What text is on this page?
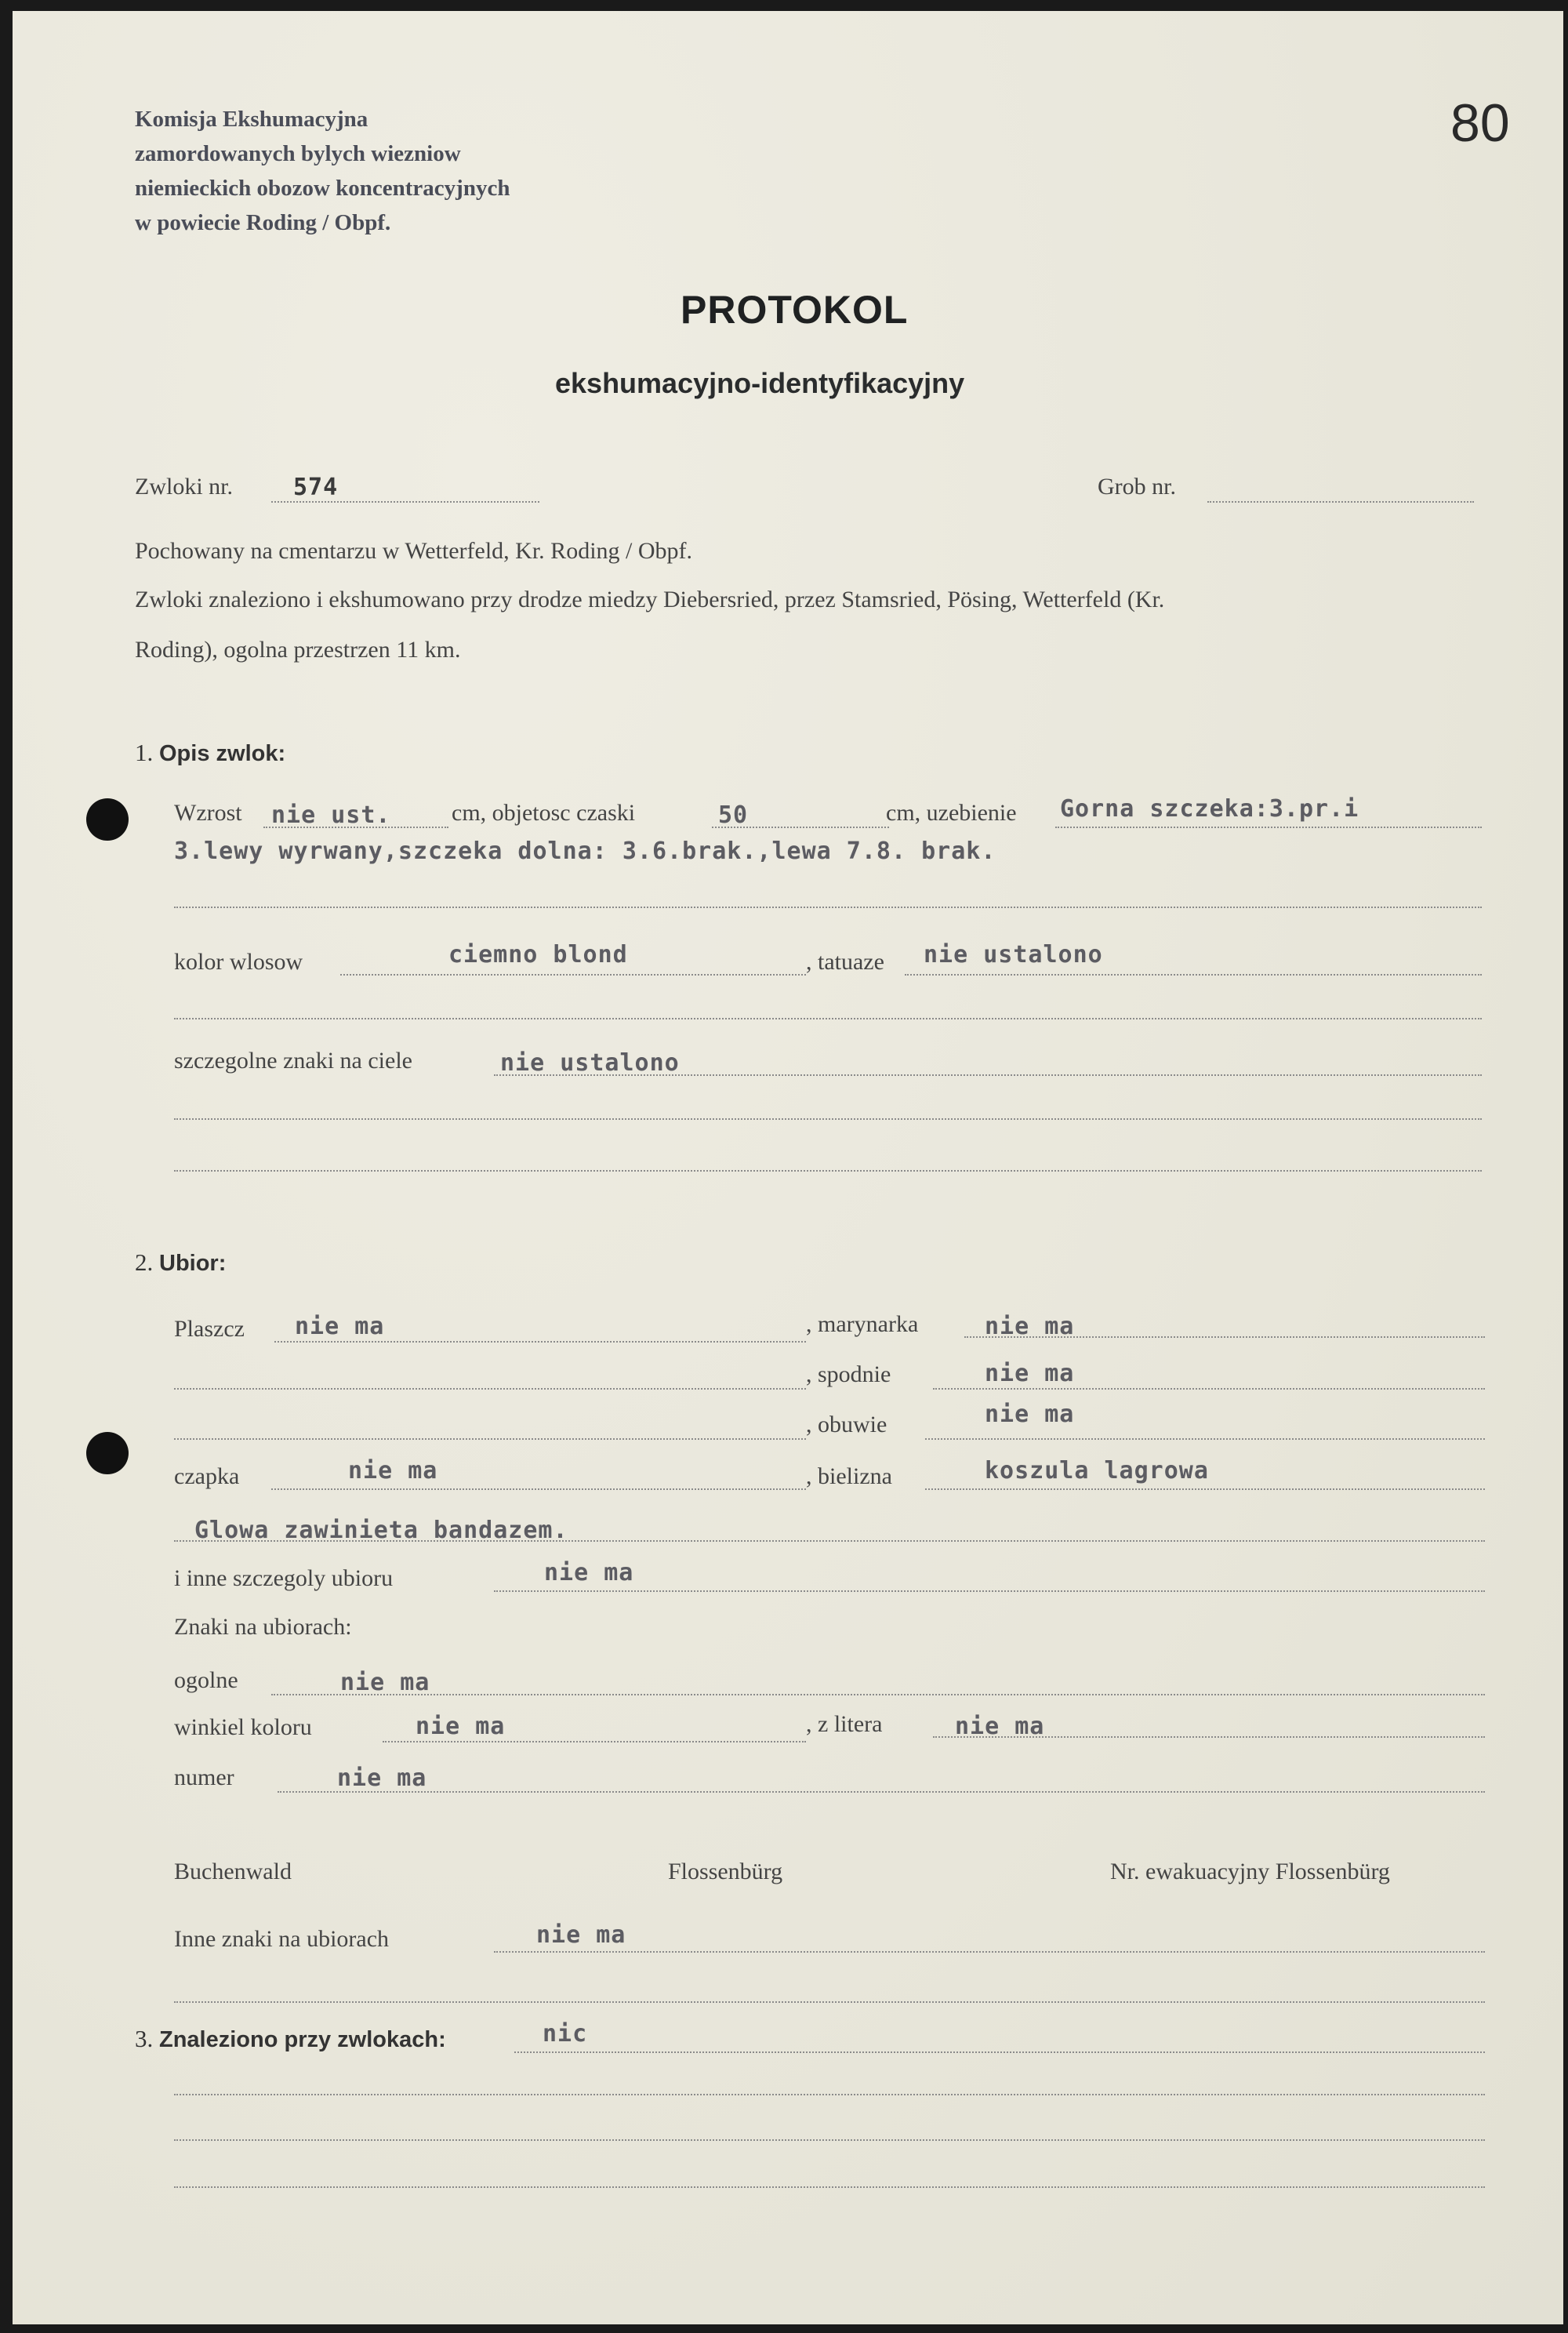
Komisja Ekshumacyjna
zamordowanych bylych wiezniow
niemieckich obozow koncentracyjnych
w powiecie Roding / Obpf.
80
PROTOKOL
ekshumacyjno-identyfikacyjny
Zwloki nr.	574	Grob nr.
Pochowany na cmentarzu w Wetterfeld, Kr. Roding / Obpf.
Zwloki znaleziono i ekshumowano przy drodze miedzy Diebersried, przez Stamsried, Pösing, Wetterfeld (Kr.
Roding), ogolna przestrzen 11 km.
1. Opis zwlok:
Wzrost nie ust.	cm, objetosc czaski	50	cm, uzebienie Gorna szczeka:3.pr.i
3.lewy wyrwany,szczeka dolna: 3.6.brak.,lewa 7.8. brak.
kolor wlosow	ciemno blond	, tatuaze nie ustalono
szczegolne znaki na ciele	nie ustalono
2. Ubior:
Plaszcz nie ma	, marynarka	nie ma
, spodnie	nie ma
, obuwie	nie ma
czapka	nie ma	, bielizna	koszula lagrowa
Glowa zawinieta bandazem.
i inne szczegoly ubioru	nie ma
Znaki na ubiorach:
ogolne	nie ma
winkiel koloru	nie ma	, z litera	nie ma
numer	nie ma
Buchenwald	Flossenbürg	Nr. ewakuacyjny Flossenbürg
Inne znaki na ubiorach	nie ma
3. Znaleziono przy zwlokach:	nic
